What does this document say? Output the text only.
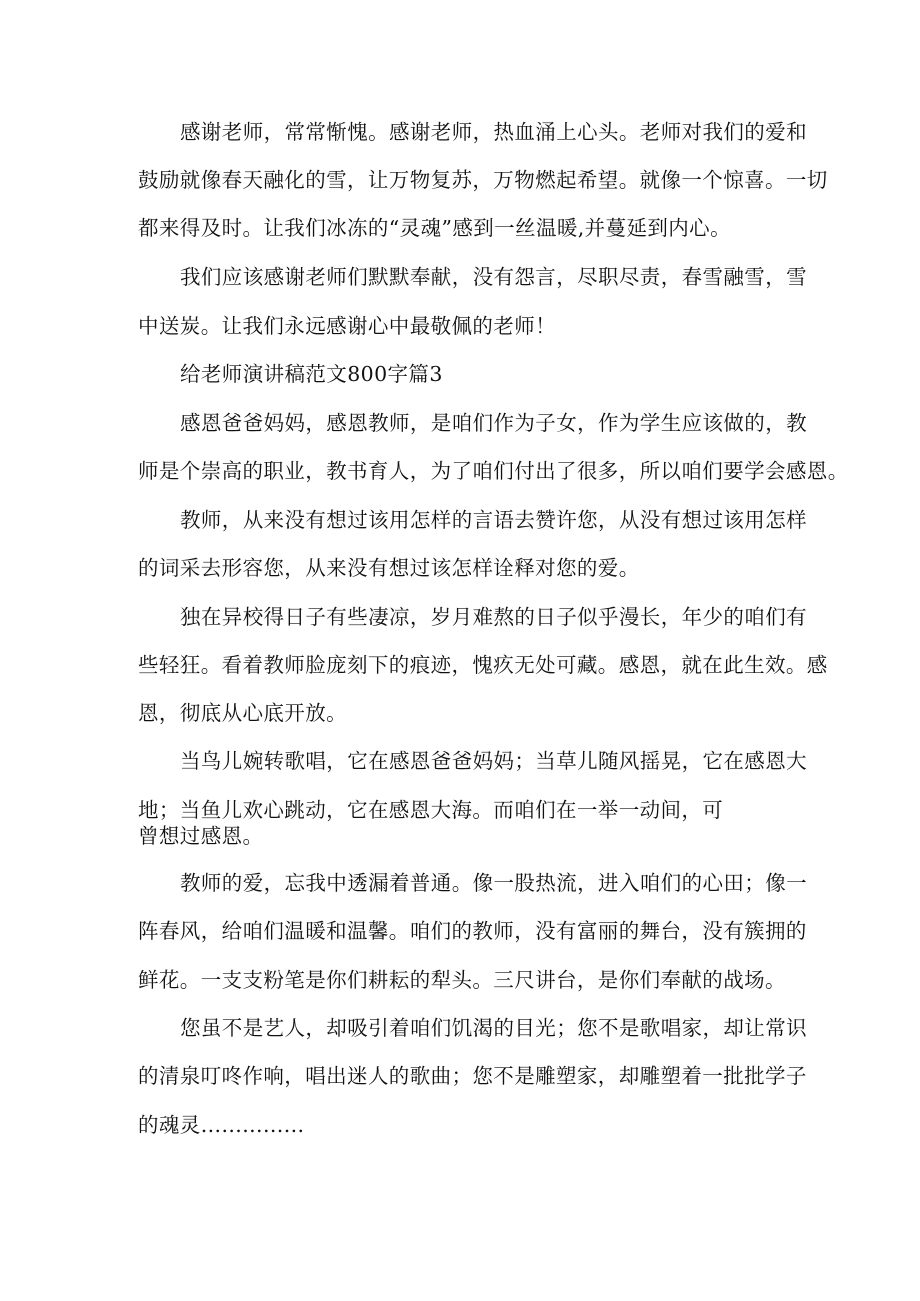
感谢老师，常常惭愧。感谢老师，热血涌上心头。老师对我们的爱和
鼓励就像春天融化的雪，让万物复苏，万物燃起希望。就像一个惊喜。一切
都来得及时。让我们冰冻的“灵魂”感到一丝温暖,并蔓延到内心。
我们应该感谢老师们默默奉献，没有怨言，尽职尽责，春雪融雪，雪
中送炭。让我们永远感谢心中最敬佩的老师！
给老师演讲稿范文800字篇3
感恩爸爸妈妈，感恩教师，是咱们作为子女，作为学生应该做的，教
师是个崇高的职业，教书育人，为了咱们付出了很多，所以咱们要学会感恩。
教师，从来没有想过该用怎样的言语去赞许您，从没有想过该用怎样
的词采去形容您，从来没有想过该怎样诠释对您的爱。
独在异校得日子有些凄凉，岁月难熬的日子似乎漫长，年少的咱们有
些轻狂。看着教师脸庞刻下的痕迹，愧疚无处可藏。感恩，就在此生效。感
恩，彻底从心底开放。
当鸟儿婉转歌唱，它在感恩爸爸妈妈；当草儿随风摇晃，它在感恩大
地；当鱼儿欢心跳动，它在感恩大海。而咱们在一举一动间，可
曾想过感恩。
教师的爱，忘我中透漏着普通。像一股热流，进入咱们的心田；像一
阵春风，给咱们温暖和温馨。咱们的教师，没有富丽的舞台，没有簇拥的
鲜花。一支支粉笔是你们耕耘的犁头。三尺讲台，是你们奉献的战场。
您虽不是艺人，却吸引着咱们饥渴的目光；您不是歌唱家，却让常识
的清泉叮咚作响，唱出迷人的歌曲；您不是雕塑家，却雕塑着一批批学子
的魂灵...............
